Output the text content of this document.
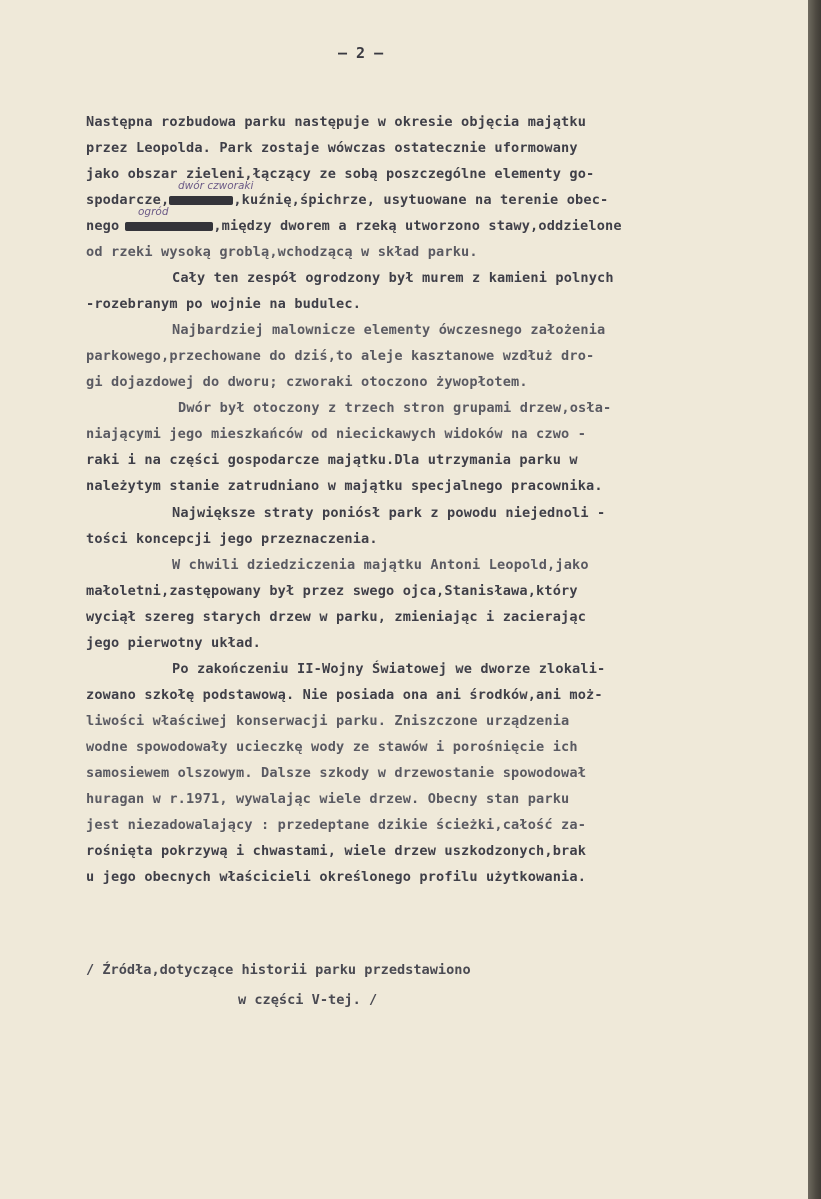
— 2 —
Następna rozbudowa parku następuje w okresie objęcia majątku
przez Leopolda. Park zostaje wówczas ostatecznie uformowany
jako obszar zieleni,łączący ze sobą poszczególne elementy go-
dwór czworaki
spodarcze,	,kuźnię,śpichrze, usytuowane na terenie obec-
ogród
nego	,między dworem a rzeką utworzono stawy,oddzielone
od rzeki wysoką groblą,wchodzącą w skład parku.
Cały ten zespół ogrodzony był murem z kamieni polnych
-rozebranym po wojnie na budulec.
Najbardziej malownicze elementy ówczesnego założenia
parkowego,przechowane do dziś,to aleje kasztanowe wzdłuż dro-
gi dojazdowej do dworu; czworaki otoczono żywopłotem.
Dwór był otoczony z trzech stron grupami drzew,osła-
niającymi jego mieszkańców od niecickawych widoków na czwo -
raki i na części gospodarcze majątku.Dla utrzymania parku w
należytym stanie zatrudniano w majątku specjalnego pracownika.
Największe straty poniósł park z powodu niejednoli -
tości koncepcji jego przeznaczenia.
W chwili dziedziczenia majątku Antoni Leopold,jako
małoletni,zastępowany był przez swego ojca,Stanisława,który
wyciął szereg starych drzew w parku, zmieniając i zacierając
jego pierwotny układ.
Po zakończeniu II-Wojny Światowej we dworze zlokali-
zowano szkołę podstawową. Nie posiada ona ani środków,ani moż-
liwości właściwej konserwacji parku. Zniszczone urządzenia
wodne spowodowały ucieczkę wody ze stawów i porośnięcie ich
samosiewem olszowym. Dalsze szkody w drzewostanie spowodował
huragan w r.1971, wywalając wiele drzew. Obecny stan parku
jest niezadowalający : przedeptane dzikie ścieżki,całość za-
rośnięta pokrzywą i chwastami, wiele drzew uszkodzonych,brak
u jego obecnych właścicieli określonego profilu użytkowania.
/ Źródła,dotyczące historii parku przedstawiono
w części V-tej. /
